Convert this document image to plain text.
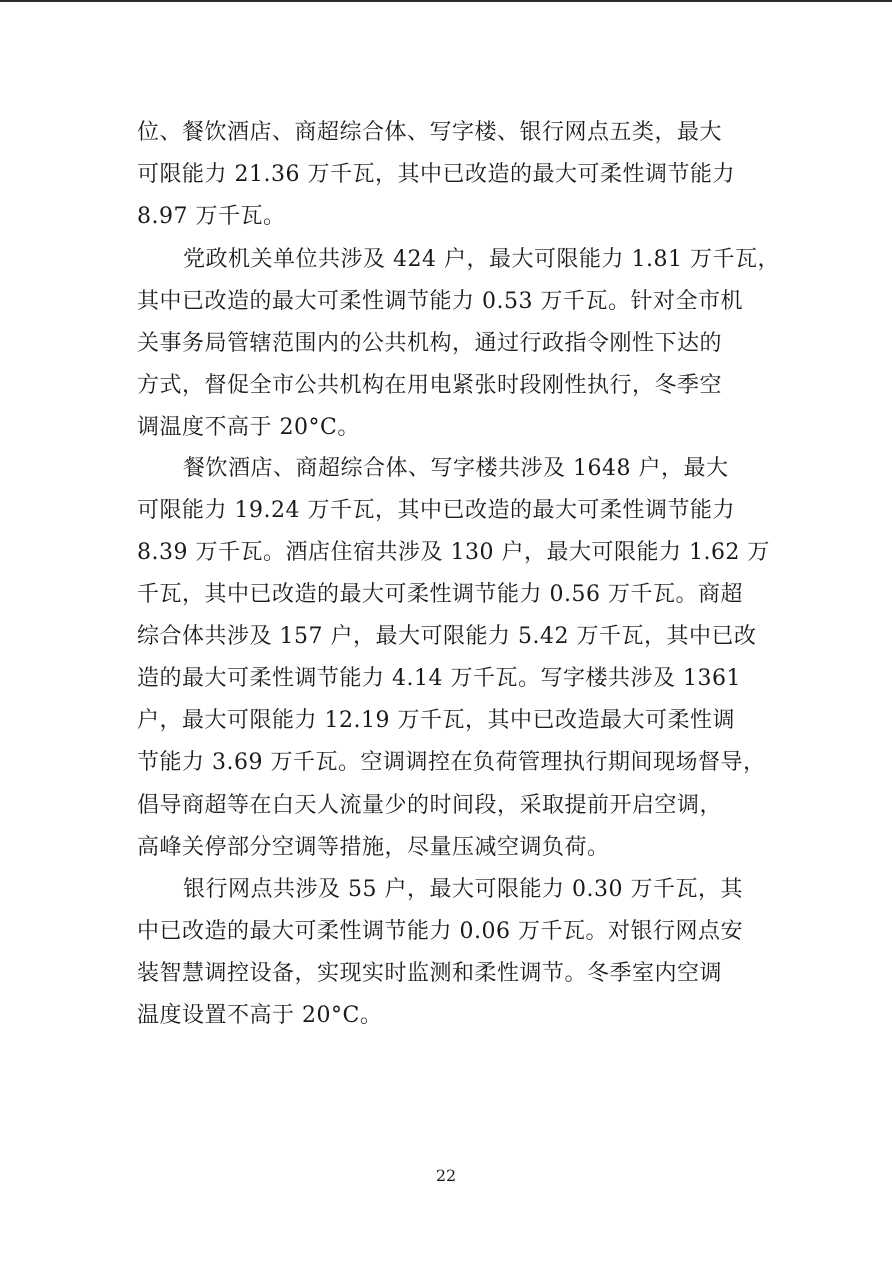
位、餐饮酒店、商超综合体、写字楼、银行网点五类，最大
可限能力 21.36 万千瓦，其中已改造的最大可柔性调节能力
8.97 万千瓦。
党政机关单位共涉及 424 户，最大可限能力 1.81 万千瓦，
其中已改造的最大可柔性调节能力 0.53 万千瓦。针对全市机
关事务局管辖范围内的公共机构，通过行政指令刚性下达的
方式，督促全市公共机构在用电紧张时段刚性执行，冬季空
调温度不高于 20°C。
餐饮酒店、商超综合体、写字楼共涉及 1648 户，最大
可限能力 19.24 万千瓦，其中已改造的最大可柔性调节能力
8.39 万千瓦。酒店住宿共涉及 130 户，最大可限能力 1.62 万
千瓦，其中已改造的最大可柔性调节能力 0.56 万千瓦。商超
综合体共涉及 157 户，最大可限能力 5.42 万千瓦，其中已改
造的最大可柔性调节能力 4.14 万千瓦。写字楼共涉及 1361
户，最大可限能力 12.19 万千瓦，其中已改造最大可柔性调
节能力 3.69 万千瓦。空调调控在负荷管理执行期间现场督导，
倡导商超等在白天人流量少的时间段，采取提前开启空调，
高峰关停部分空调等措施，尽量压减空调负荷。
银行网点共涉及 55 户，最大可限能力 0.30 万千瓦，其
中已改造的最大可柔性调节能力 0.06 万千瓦。对银行网点安
装智慧调控设备，实现实时监测和柔性调节。冬季室内空调
温度设置不高于 20°C。
22
